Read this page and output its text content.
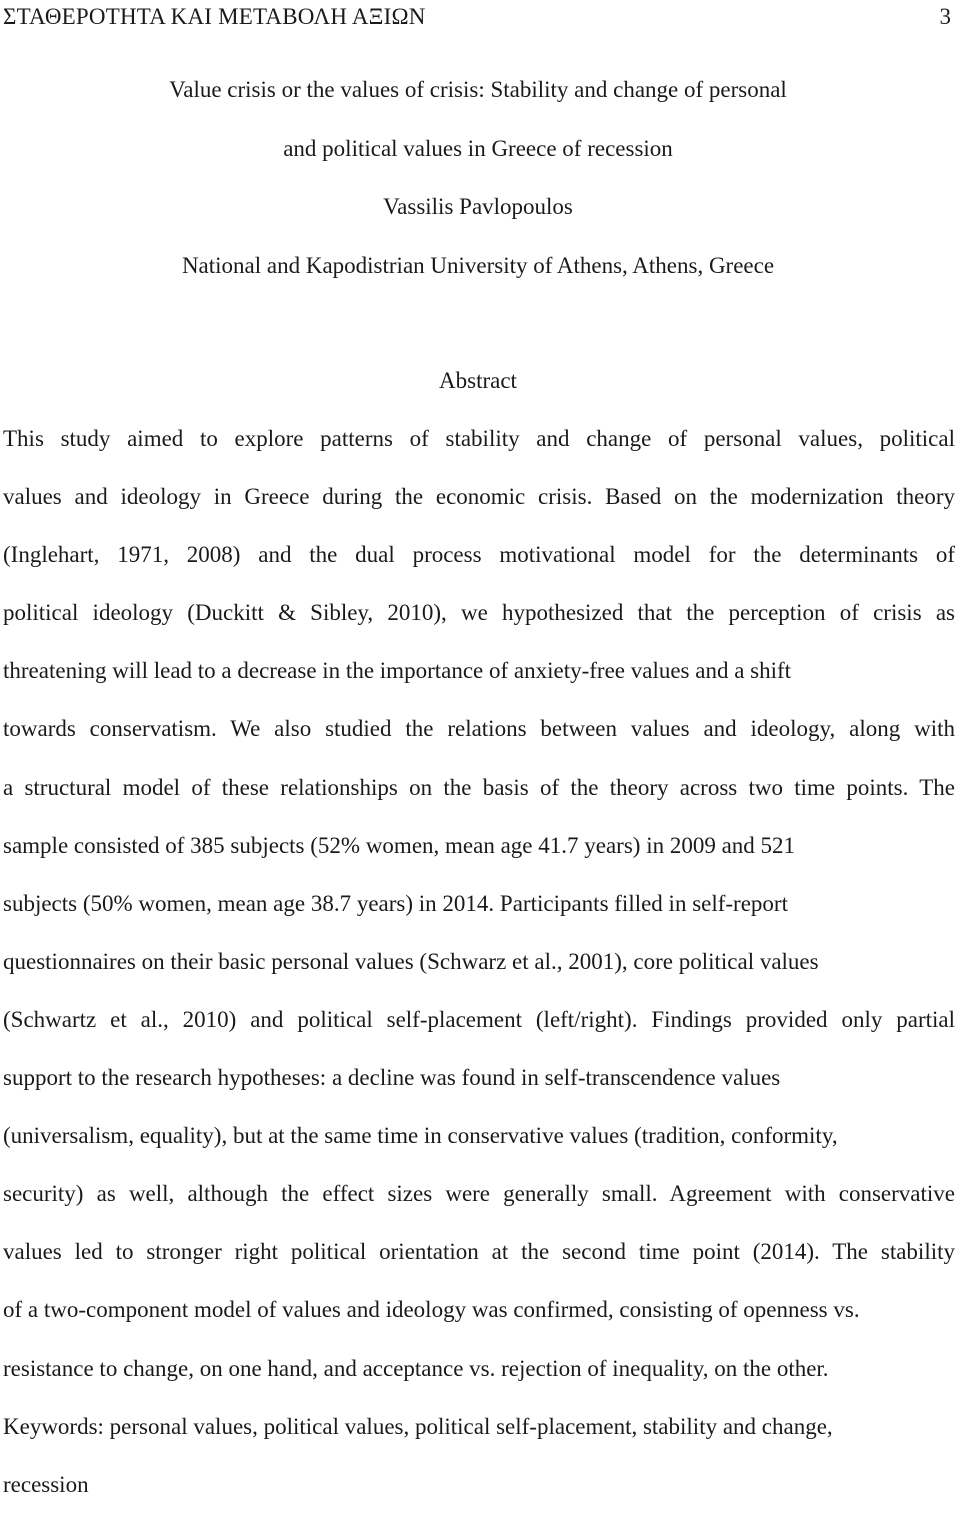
ΣΤΑΘΕΡΟΤΗΤΑ ΚΑΙ ΜΕΤΑΒΟΛΗ ΑΞΙΩΝ	3
Value crisis or the values of crisis: Stability and change of personal
and political values in Greece of recession
Vassilis Pavlopoulos
National and Kapodistrian University of Athens, Athens, Greece
Abstract
This study aimed to explore patterns of stability and change of personal values, political
values and ideology in Greece during the economic crisis. Based on the modernization theory
(Inglehart, 1971, 2008) and the dual process motivational model for the determinants of
political ideology (Duckitt & Sibley, 2010), we hypothesized that the perception of crisis as
threatening will lead to a decrease in the importance of anxiety-free values and a shift
towards conservatism. We also studied the relations between values and ideology, along with
a structural model of these relationships on the basis of the theory across two time points. The
sample consisted of 385 subjects (52% women, mean age 41.7 years) in 2009 and 521
subjects (50% women, mean age 38.7 years) in 2014. Participants filled in self-report
questionnaires on their basic personal values (Schwarz et al., 2001), core political values
(Schwartz et al., 2010) and political self-placement (left/right). Findings provided only partial
support to the research hypotheses: a decline was found in self-transcendence values
(universalism, equality), but at the same time in conservative values (tradition, conformity,
security) as well, although the effect sizes were generally small. Agreement with conservative
values led to stronger right political orientation at the second time point (2014). The stability
of a two-component model of values and ideology was confirmed, consisting of openness vs.
resistance to change, on one hand, and acceptance vs. rejection of inequality, on the other.
Keywords: personal values, political values, political self-placement, stability and change,
recession
